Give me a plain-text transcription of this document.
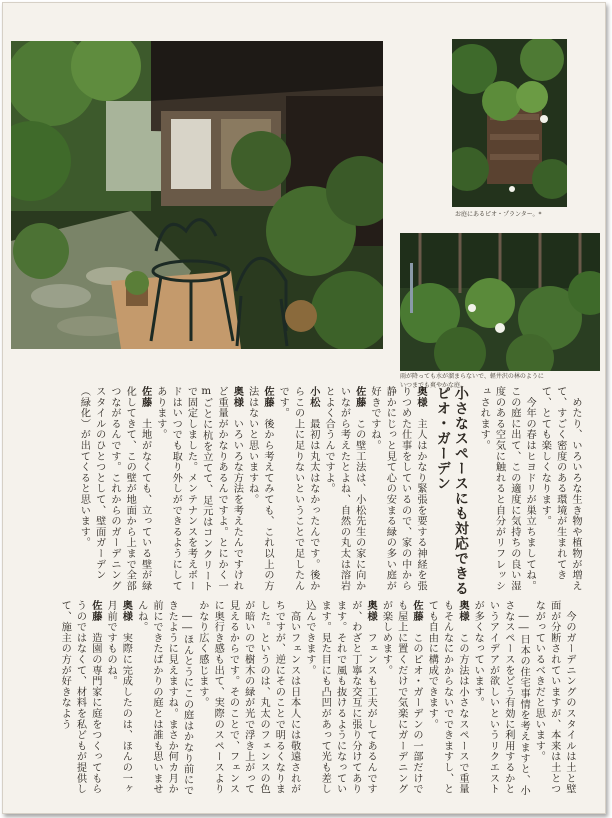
お庭にあるピオ・プランター。*
雨が降っても水が溜まらないで、軽井沢の林のように
いつまでも爽やかな庭。
　めたり、いろいろな生き物や植物が増えて、すごく密度のある環境が生まれてきて、とても楽しくなります。
　今年の春はヒヨドリが巣立ちましてね。この庭に出て、この適度に気持ちの良い湿度のある空気に触れると自分がリフレッシュされます。
小さなスペースにも対応できるピオ・ガーデン
奥様　主人はかなり緊張を要する神経を張りつめた仕事をしているので、家の中から静かにじっと見て心の安まる緑の多い庭が好きですね。
佐藤　この壁工法は、小松先生の家に向かいながら考えたとよね、自然の丸太は溶岩とよく合うんですよ。
小松　最初は丸太はなかったんです。後からこの上に足りないということで足したんです。
佐藤　後から考えてみても、これ以上の方法はないと思いますね。
奥様　いろいろな方法を考えたんですけれど重量がかなりあるんですよ。とにかく一mごとに杭を立てて、足元はコンクリートで固定しました。メンテナンスを考えボードはいつでも取り外しができるようにしてあります。
佐藤　土地がなくても、立っている壁が緑化してきて、この壁が地面から上まで全部つながるんです。これからのガーデニングスタイルのひとつとして、壁面ガーデン（緑化）が出てくると思います。
　今のガーデニングのスタイルは土と壁面が分断されていますが、本来は土とつながっているべきだと思います。
　――日本の住宅事情を考えますと、小さなスペースをどう有効に利用するかというアイデアが欲しいというリクエストが多くなっています。
奥様　この方法は小さなスペースで重量もそんなにかからないでできますし、とても自由に構成できます。
佐藤　このピオ・ガーデンの一部だけでも屋上に置くだけで気楽にガーデニングが楽しめます。
奥様　フェンスも工夫がしてあるんですが、わざと丁寧な交互に張り分けてあります。それで風も抜けるようになっています。見た目にも凸凹があって光も差し込んできます。
　高いフェンスは日本人には敬遠されがちですが、逆にそのことで明るくなりました。というのは、丸太のフェンスの色が暗いので樹木の緑が光で浮き上がって見えるからです。そのことで、フェンスに奥行き感も出て、実際のスペースよりかなり広く感じます。
　――ほんとうにこの庭はかなり前にできたように見えますね。まさか何カ月か前にできたばかりの庭とは誰も思いませんね。
奥様　実際に完成したのは、ほんの一ヶ月前ですものね。
佐藤　造園の専門家に庭をつくってもらうのではなくて、材料を私どもが提供して、施主の方が好きなよう
